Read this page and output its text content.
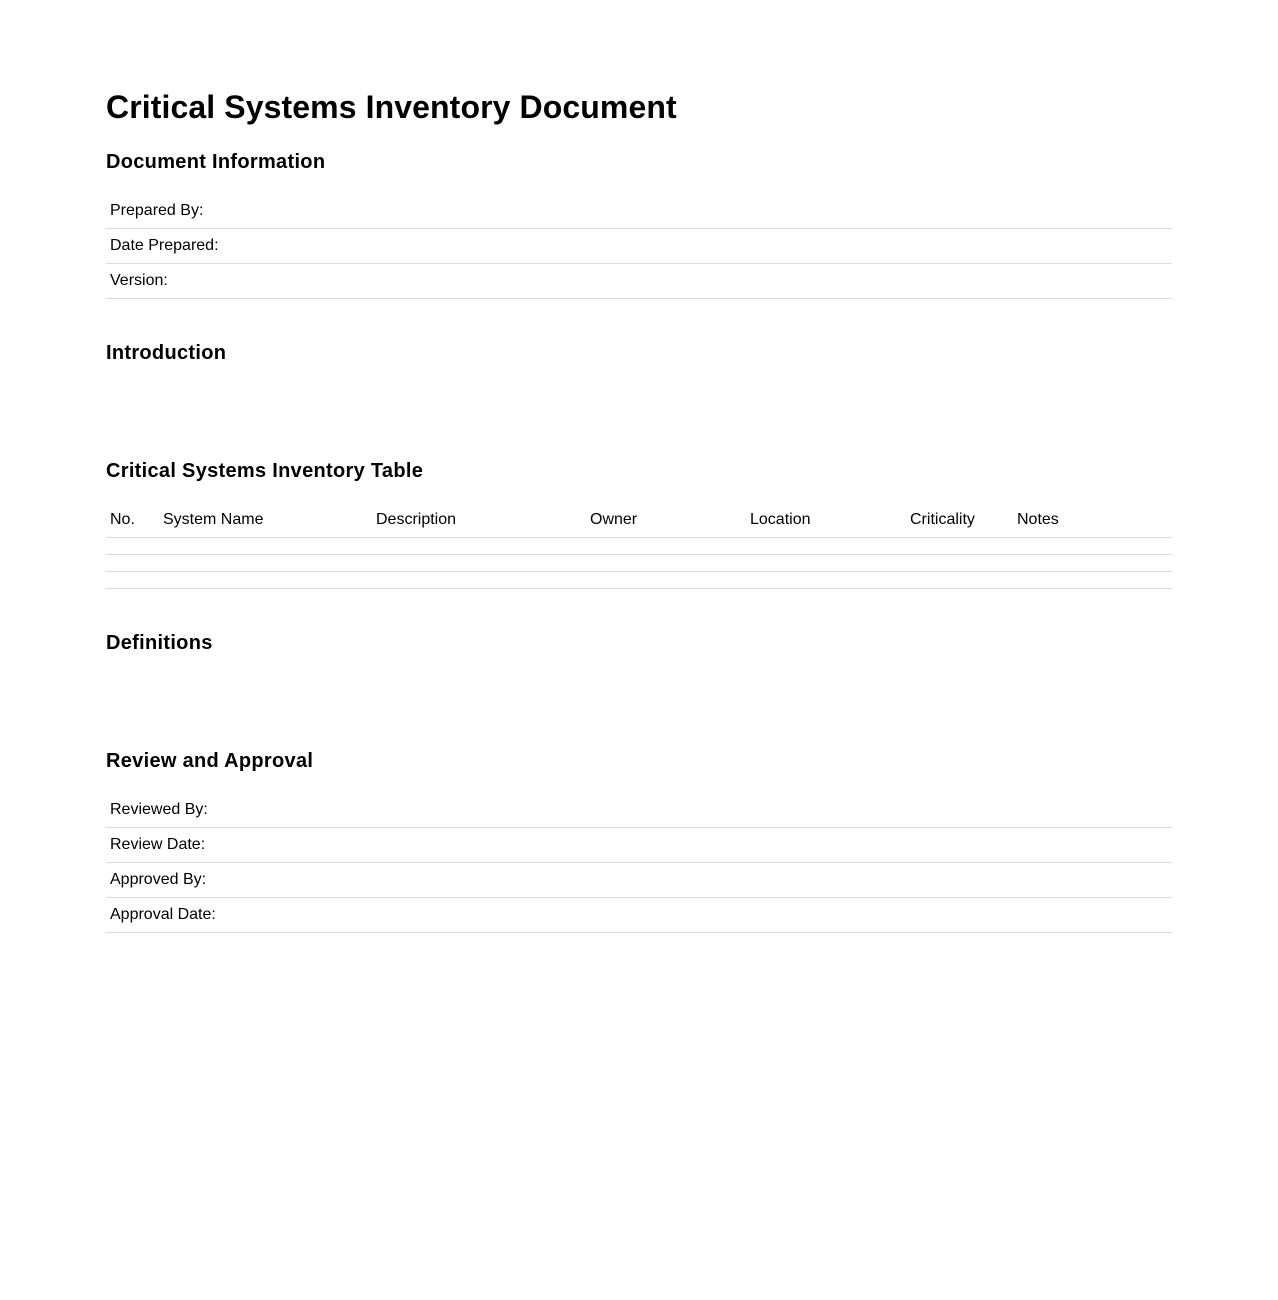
Critical Systems Inventory Document
Document Information
Prepared By:
Date Prepared:
Version:
Introduction
Critical Systems Inventory Table
No.	System Name	Description	Owner	Location	Criticality	Notes

Definitions
Review and Approval
Reviewed By:
Review Date:
Approved By:
Approval Date:
